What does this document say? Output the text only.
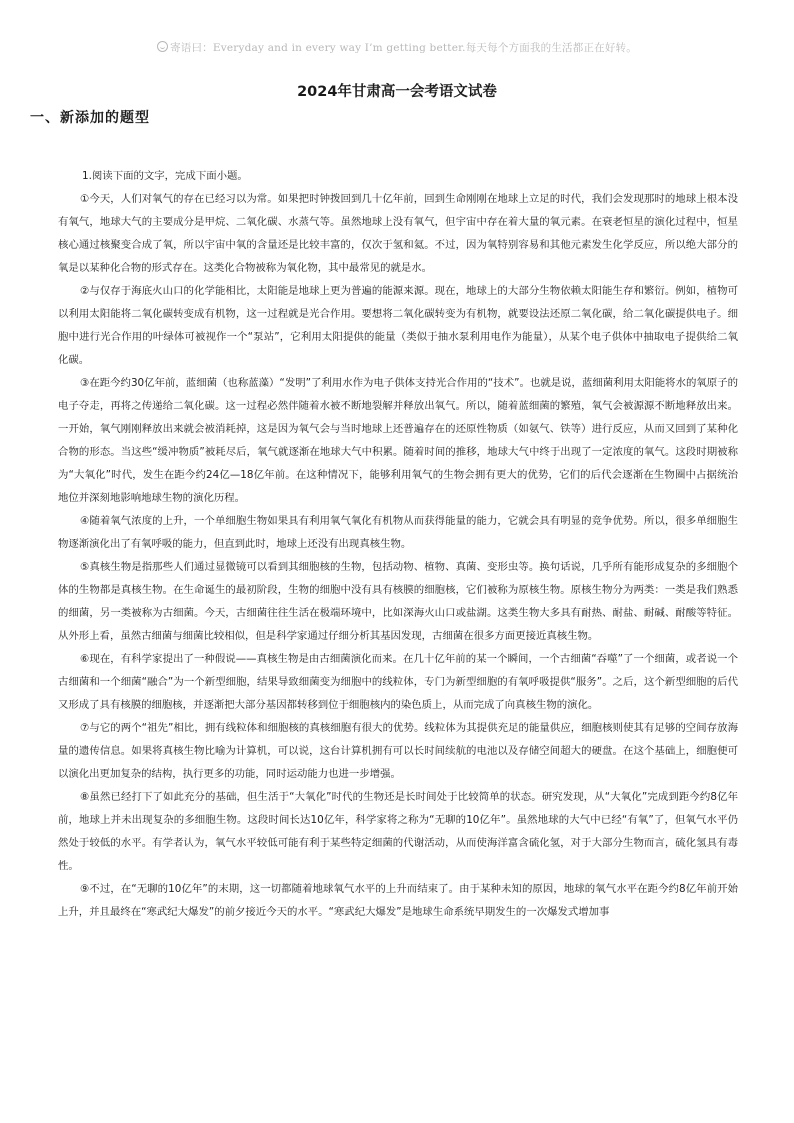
寄语曰：Everyday and in every way I’m getting better.每天每个方面我的生活都正在好转。
2024年甘肃高一会考语文试卷
一、新添加的题型

1.阅读下面的文字，完成下面小题。

①今天，人们对氧气的存在已经习以为常。如果把时钟拨回到几十亿年前，回到生命刚刚在地球上立足的时代，我们会发现那时的地球上根本没有氧气，地球大气的主要成分是甲烷、二氧化碳、水蒸气等。虽然地球上没有氧气，但宇宙中存在着大量的氧元素。在衰老恒星的演化过程中，恒星核心通过核聚变合成了氧，所以宇宙中氧的含量还是比较丰富的，仅次于氢和氦。不过，因为氧特别容易和其他元素发生化学反应，所以绝大部分的氧是以某种化合物的形式存在。这类化合物被称为氧化物，其中最常见的就是水。

②与仅存于海底火山口的化学能相比，太阳能是地球上更为普遍的能源来源。现在，地球上的大部分生物依赖太阳能生存和繁衍。例如，植物可以利用太阳能将二氧化碳转变成有机物，这一过程就是光合作用。要想将二氧化碳转变为有机物，就要设法还原二氧化碳，给二氧化碳提供电子。细胞中进行光合作用的叶绿体可被视作一个“泵站”，它利用太阳提供的能量（类似于抽水泵利用电作为能量），从某个电子供体中抽取电子提供给二氧化碳。

③在距今约30亿年前，蓝细菌（也称蓝藻）“发明”了利用水作为电子供体支持光合作用的“技术”。也就是说，蓝细菌利用太阳能将水的氧原子的电子夺走，再将之传递给二氧化碳。这一过程必然伴随着水被不断地裂解并释放出氧气。所以，随着蓝细菌的繁殖，氧气会被源源不断地释放出来。一开始，氧气刚刚释放出来就会被消耗掉，这是因为氧气会与当时地球上还普遍存在的还原性物质（如氨气、铁等）进行反应，从而又回到了某种化合物的形态。当这些“缓冲物质”被耗尽后，氧气就逐渐在地球大气中积累。随着时间的推移，地球大气中终于出现了一定浓度的氧气。这段时期被称为“大氧化”时代，发生在距今约24亿—18亿年前。在这种情况下，能够利用氧气的生物会拥有更大的优势，它们的后代会逐渐在生物圈中占据统治地位并深刻地影响地球生物的演化历程。

④随着氧气浓度的上升，一个单细胞生物如果具有利用氧气氧化有机物从而获得能量的能力，它就会具有明显的竞争优势。所以，很多单细胞生物逐渐演化出了有氧呼吸的能力，但直到此时，地球上还没有出现真核生物。

⑤真核生物是指那些人们通过显微镜可以看到其细胞核的生物，包括动物、植物、真菌、变形虫等。换句话说，几乎所有能形成复杂的多细胞个体的生物都是真核生物。在生命诞生的最初阶段，生物的细胞中没有具有核膜的细胞核，它们被称为原核生物。原核生物分为两类：一类是我们熟悉的细菌，另一类被称为古细菌。今天，古细菌往往生活在极端环境中，比如深海火山口或盐湖。这类生物大多具有耐热、耐盐、耐碱、耐酸等特征。从外形上看，虽然古细菌与细菌比较相似，但是科学家通过仔细分析其基因发现，古细菌在很多方面更接近真核生物。

⑥现在，有科学家提出了一种假说——真核生物是由古细菌演化而来。在几十亿年前的某一个瞬间，一个古细菌“吞噬”了一个细菌，或者说一个古细菌和一个细菌“融合”为一个新型细胞，结果导致细菌变为细胞中的线粒体，专门为新型细胞的有氧呼吸提供“服务”。之后，这个新型细胞的后代又形成了具有核膜的细胞核，并逐渐把大部分基因都转移到位于细胞核内的染色质上，从而完成了向真核生物的演化。

⑦与它的两个“祖先”相比，拥有线粒体和细胞核的真核细胞有很大的优势。线粒体为其提供充足的能量供应，细胞核则使其有足够的空间存放海量的遗传信息。如果将真核生物比喻为计算机，可以说，这台计算机拥有可以长时间续航的电池以及存储空间超大的硬盘。在这个基础上，细胞便可以演化出更加复杂的结构，执行更多的功能，同时运动能力也进一步增强。

⑧虽然已经打下了如此充分的基础，但生活于“大氧化”时代的生物还是长时间处于比较简单的状态。研究发现，从“大氧化”完成到距今约8亿年前，地球上并未出现复杂的多细胞生物。这段时间长达10亿年，科学家将之称为“无聊的10亿年”。虽然地球的大气中已经“有氧”了，但氧气水平仍然处于较低的水平。有学者认为，氧气水平较低可能有利于某些特定细菌的代谢活动，从而使海洋富含硫化氢，对于大部分生物而言，硫化氢具有毒性。

⑨不过，在“无聊的10亿年”的末期，这一切都随着地球氧气水平的上升而结束了。由于某种未知的原因，地球的氧气水平在距今约8亿年前开始上升，并且最终在“寒武纪大爆发”的前夕接近今天的水平。“寒武纪大爆发”是地球生命系统早期发生的一次爆发式增加事
